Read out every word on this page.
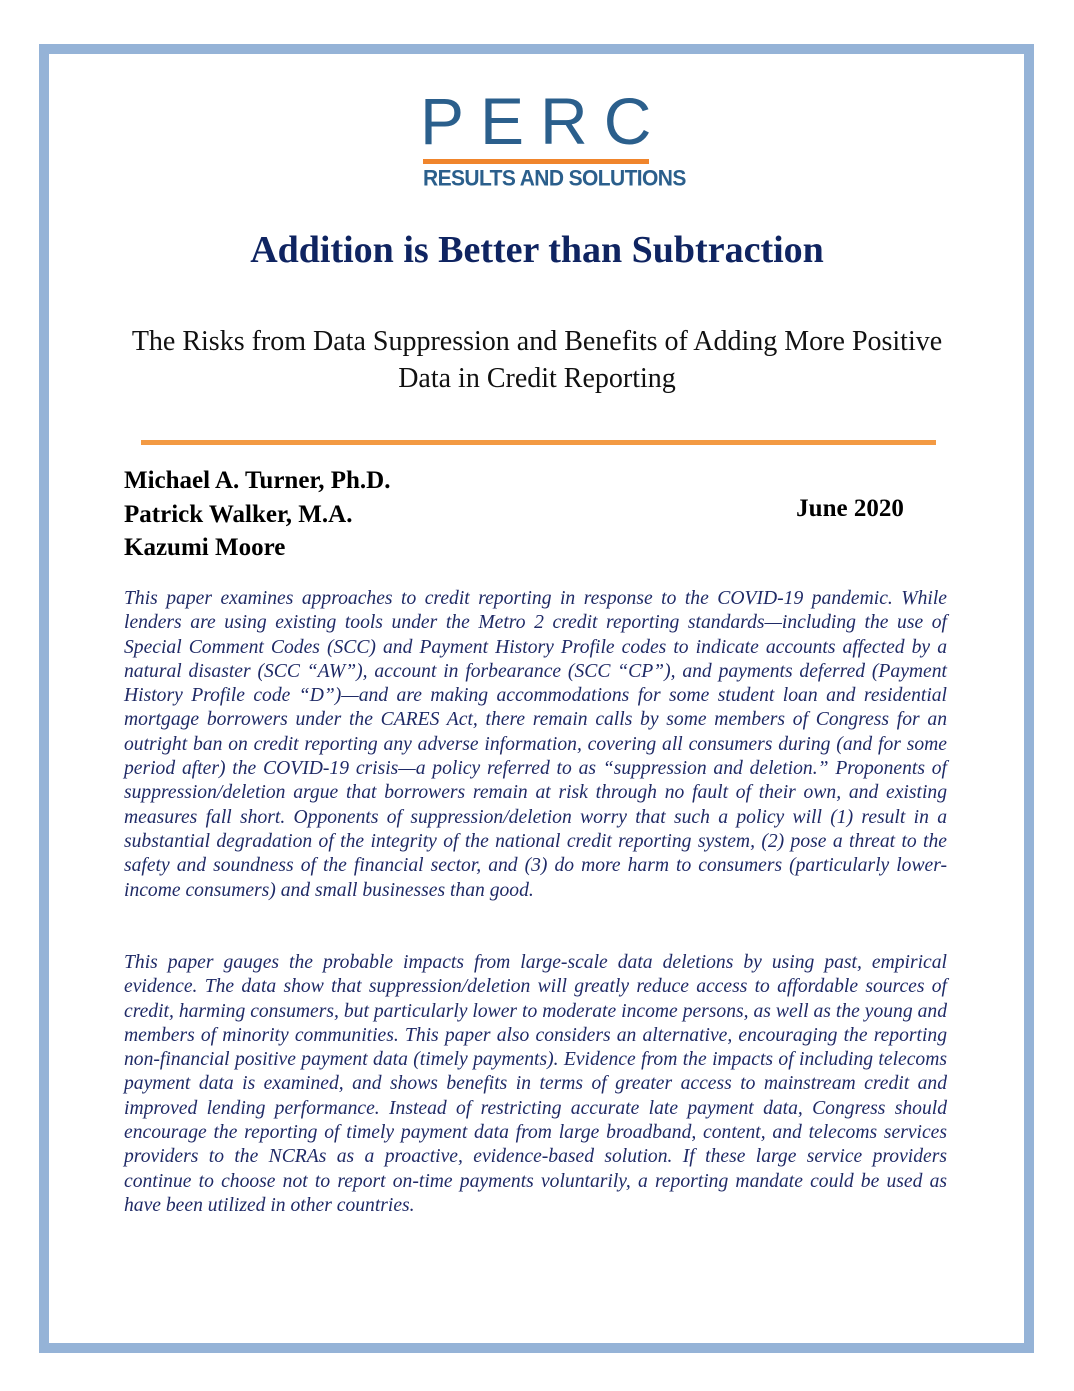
PERC
RESULTS AND SOLUTIONS
Addition is Better than Subtraction
The Risks from Data Suppression and Benefits of Adding More Positive Data in Credit Reporting
Michael A. Turner, Ph.D.
Patrick Walker, M.A.
Kazumi Moore
June 2020

This paper examines approaches to credit reporting in response to the COVID-19 pandemic. While lenders are using existing tools under the Metro 2 credit reporting standards—including the use of Special Comment Codes (SCC) and Payment History Profile codes to indicate accounts affected by a natural disaster (SCC “AW”), account in forbearance (SCC “CP”), and payments deferred (Payment History Profile code “D”)—and are making accommodations for some student loan and residential mortgage borrowers under the CARES Act, there remain calls by some members of Congress for an outright ban on credit reporting any adverse information, covering all consumers during (and for some period after) the COVID-19 crisis—a policy referred to as “suppression and deletion.” Proponents of suppression/deletion argue that borrowers remain at risk through no fault of their own, and existing measures fall short. Opponents of suppression/deletion worry that such a policy will (1) result in a substantial degradation of the integrity of the national credit reporting system, (2) pose a threat to the safety and soundness of the financial sector, and (3) do more harm to consumers (particularly lower-income consumers) and small businesses than good.

This paper gauges the probable impacts from large-scale data deletions by using past, empirical evidence. The data show that suppression/deletion will greatly reduce access to affordable sources of credit, harming consumers, but particularly lower to moderate income persons, as well as the young and members of minority communities. This paper also considers an alternative, encouraging the reporting non-financial positive payment data (timely payments). Evidence from the impacts of including telecoms payment data is examined, and shows benefits in terms of greater access to mainstream credit and improved lending performance. Instead of restricting accurate late payment data, Congress should encourage the reporting of timely payment data from large broadband, content, and telecoms services providers to the NCRAs as a proactive, evidence-based solution. If these large service providers continue to choose not to report on-time payments voluntarily, a reporting mandate could be used as have been utilized in other countries.
